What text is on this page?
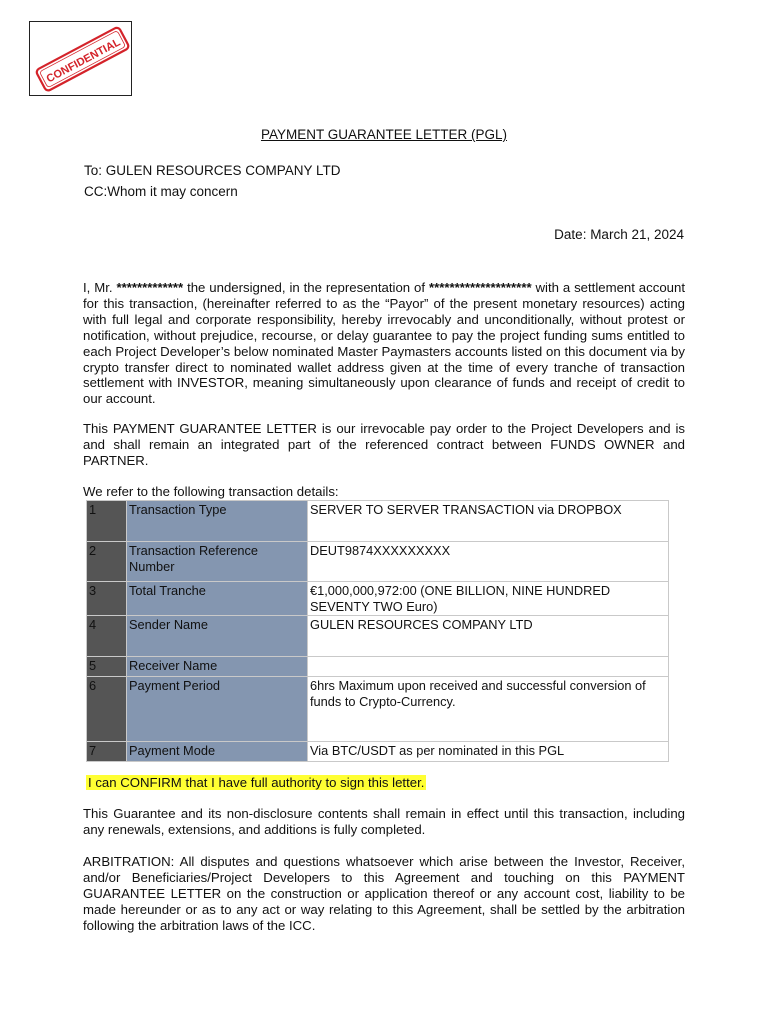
CONFIDENTIAL
PAYMENT GUARANTEE LETTER (PGL)
To: GULEN RESOURCES COMPANY LTD
CC:Whom it may concern
Date: March 21, 2024

I, Mr. ************* the undersigned, in the representation of ******************** with a settlement account for this transaction, (hereinafter referred to as the “Payor” of the present monetary resources) acting with full legal and corporate responsibility, hereby irrevocably and unconditionally, without protest or notification, without prejudice, recourse, or delay guarantee to pay the project funding sums entitled to each Project Developer’s below nominated Master Paymasters accounts listed on this document via by crypto transfer direct to nominated wallet address given at the time of every tranche of transaction settlement with INVESTOR, meaning simultaneously upon clearance of funds and receipt of credit to our account.

This PAYMENT GUARANTEE LETTER is our irrevocable pay order to the Project Developers and is and shall remain an integrated part of the referenced contract between FUNDS OWNER and PARTNER.

We refer to the following transaction details:

1	Transaction Type	SERVER TO SERVER TRANSACTION via DROPBOX
2	Transaction Reference Number	DEUT9874XXXXXXXXX
3	Total Tranche	€1,000,000,972:00 (ONE BILLION, NINE HUNDRED SEVENTY TWO Euro)
4	Sender Name	GULEN RESOURCES COMPANY LTD
5	Receiver Name	
6	Payment Period	6hrs Maximum upon received and successful conversion of funds to Crypto-Currency.
7	Payment Mode	Via BTC/USDT as per nominated in this PGL
I can CONFIRM that I have full authority to sign this letter.

This Guarantee and its non-disclosure contents shall remain in effect until this transaction, including any renewals, extensions, and additions is fully completed.

ARBITRATION: All disputes and questions whatsoever which arise between the Investor, Receiver, and/or Beneficiaries/Project Developers to this Agreement and touching on this PAYMENT GUARANTEE LETTER on the construction or application thereof or any account cost, liability to be made hereunder or as to any act or way relating to this Agreement, shall be settled by the arbitration following the arbitration laws of the ICC.
